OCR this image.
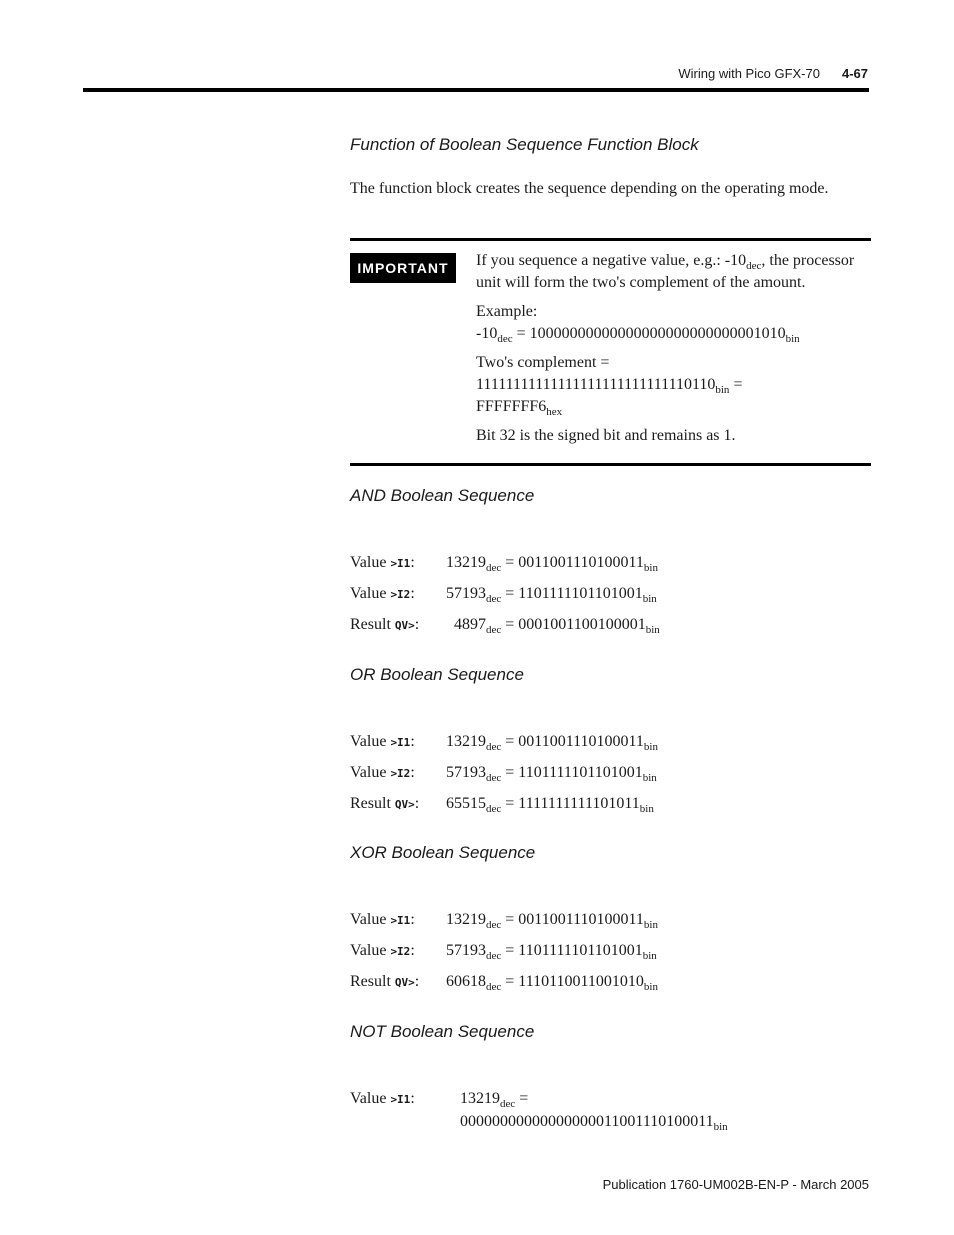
Wiring with Pico GFX-70 4-67
Function of Boolean Sequence Function Block
The function block creates the sequence depending on the operating mode.
IMPORTANT	If you sequence a negative value, e.g.: $-10_{dec}$, the processor unit will form the two's complement of the amount.

Example:
$-10_{dec} = 10000000000000000000000000001010_{bin}$

Two's complement =
$11111111111111111111111111110110_{bin}$ =
$FFFFFFF6_{hex}$

Bit 32 is the signed bit and remains as 1.

AND Boolean Sequence
Value >I1: $13219_{dec} = 0011001110100011_{bin}$
Value >I2: $57193_{dec} = 1101111101101001_{bin}$
Result QV>: $4897_{dec} = 0001001100100001_{bin}$
OR Boolean Sequence
Value >I1: $13219_{dec} = 0011001110100011_{bin}$
Value >I2: $57193_{dec} = 1101111101101001_{bin}$
Result QV>: $65515_{dec} = 1111111111101011_{bin}$
XOR Boolean Sequence
Value >I1: $13219_{dec} = 0011001110100011_{bin}$
Value >I2: $57193_{dec} = 1101111101101001_{bin}$
Result QV>: $60618_{dec} = 1110110011001010_{bin}$
NOT Boolean Sequence
Value >I1:	$13219_{dec}$ =
$00000000000000000011001110100011_{bin}$
Publication 1760-UM002B-EN-P - March 2005
